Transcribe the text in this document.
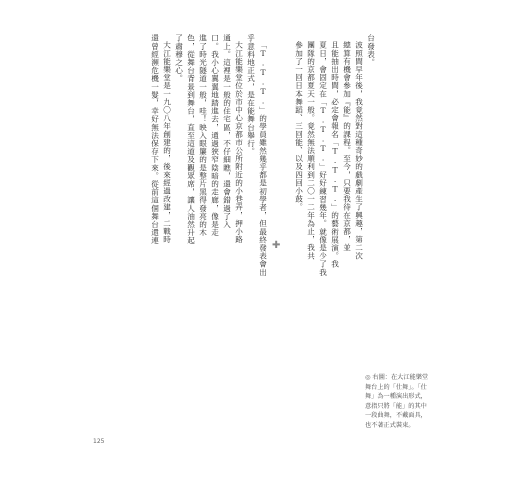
台發表。
波照間早年後，我竟然對這種奇妙的戲劇產生了興趣，第二次
總算有機會參加『能』的課程。至今，只要我待在京都，並
且能抽出時間，必定會報名「T.T.T.」的藝術展演。我
夏日，會固定在「T.T.T.」好好練習幾年。就像是少了我
團隊的京都夏天一般。竟然無法順利到二〇一二年為止，我共
參加了一回日本舞蹈、三回能、以及四回小鼓。
✚
「T.T.T.」的學員雖然幾乎都是初學者，但最終發表會出
乎意料地正式，是在能舞台舉行。
大江能樂堂位於市中心京都市公所附近的小巷弄，押小路
通上。這裡是一般的住宅區，不仔細瞧，還會錯過了入
口。我小心翼翼地踏進去，通過狹窄陰暗的走廊，像是走
進了時光隧道一般，哇！映入眼簾的是整片黑得發亮的木
色，從舞台背景到舞台，直至這道及觀眾席，讓人油然升起
了肅穆之心。
大江能樂堂是一九〇八年創建的，後來經過改建，二戰時
還曾經瀕危機一髮，幸好無法保存下來。從前這個舞台還連
◎ 右圖：在大江能樂堂舞台上的「仕舞」。「仕舞」為一種演出形式，意指只將「能」的其中一段曲舞，不戴面具，也不著正式裝束。
125
